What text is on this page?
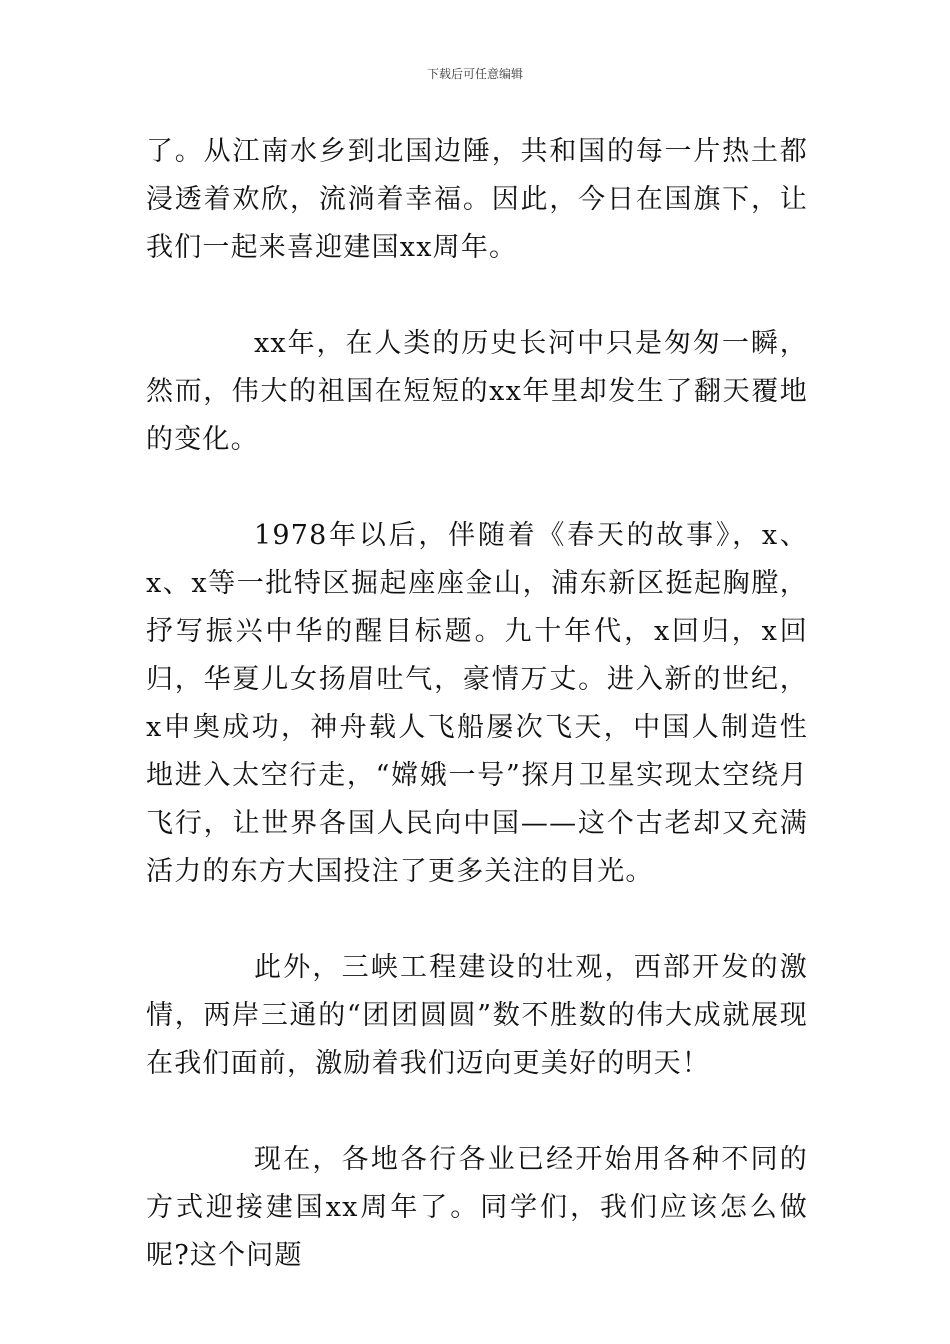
下载后可任意编辑

了。从江南水乡到北国边陲，共和国的每一片热土都浸透着欢欣，流淌着幸福。因此，今日在国旗下，让我们一起来喜迎建国xx周年。

xx年，在人类的历史长河中只是匆匆一瞬，然而，伟大的祖国在短短的xx年里却发生了翻天覆地的变化。

1978年以后，伴随着《春天的故事》，x、x、x等一批特区掘起座座金山，浦东新区挺起胸膛，抒写振兴中华的醒目标题。九十年代，x回归，x回归，华夏儿女扬眉吐气，豪情万丈。进入新的世纪，x申奥成功，神舟载人飞船屡次飞天，中国人制造性地进入太空行走，“嫦娥一号”探月卫星实现太空绕月飞行，让世界各国人民向中国——这个古老却又充满活力的东方大国投注了更多关注的目光。

此外，三峡工程建设的壮观，西部开发的激情，两岸三通的“团团圆圆”数不胜数的伟大成就展现在我们面前，激励着我们迈向更美好的明天！

现在，各地各行各业已经开始用各种不同的方式迎接建国xx周年了。同学们，我们应该怎么做呢?这个问题
